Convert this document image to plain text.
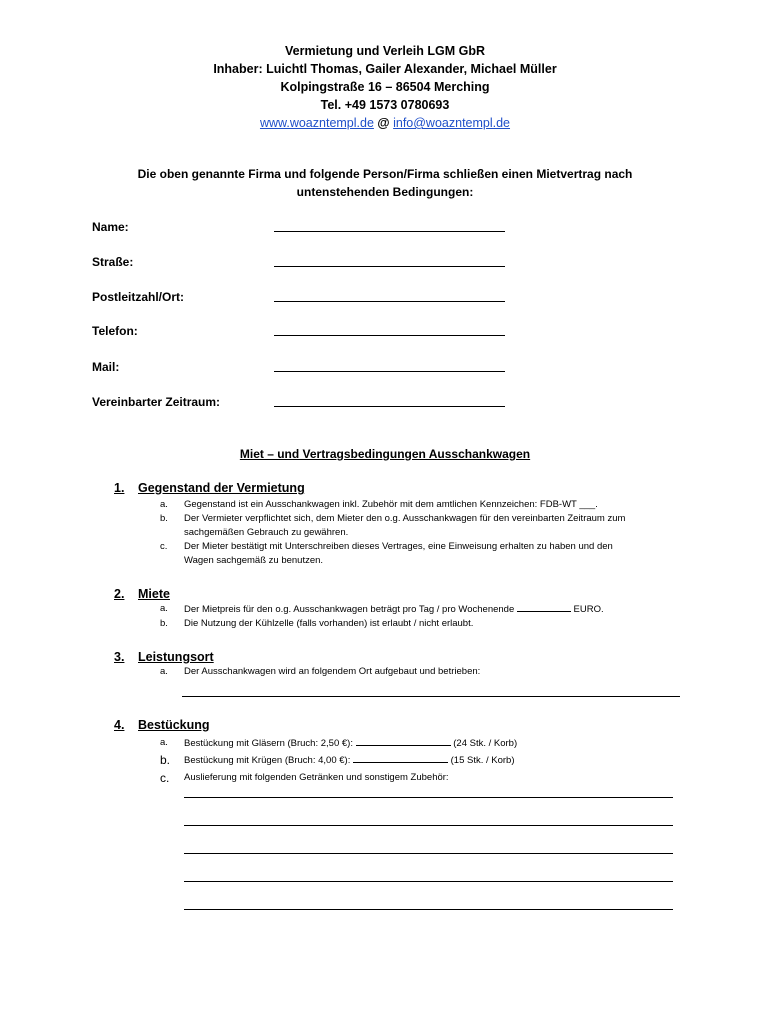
Vermietung und Verleih LGM GbR
Inhaber: Luichtl Thomas, Gailer Alexander, Michael Müller
Kolpingstraße 16 – 86504 Merching
Tel. +49 1573 0780693
www.woazntempl.de @ info@woazntempl.de
Die oben genannte Firma und folgende Person/Firma schließen einen Mietvertrag nach
untenstehenden Bedingungen:
Name:
Straße:
Postleitzahl/Ort:
Telefon:
Mail:
Vereinbarter Zeitraum:
Miet – und Vertragsbedingungen Ausschankwagen
1. Gegenstand der Vermietung
a.	Gegenstand ist ein Ausschankwagen inkl. Zubehör mit dem amtlichen Kennzeichen: FDB-WT ___.
b.	Der Vermieter verpflichtet sich, dem Mieter den o.g. Ausschankwagen für den vereinbarten Zeitraum zum
sachgemäßen Gebrauch zu gewähren.
c.	Der Mieter bestätigt mit Unterschreiben dieses Vertrages, eine Einweisung erhalten zu haben und den
Wagen sachgemäß zu benutzen.
2. Miete
a.	Der Mietpreis für den o.g. Ausschankwagen beträgt pro Tag / pro Wochenende	EURO.
b.	Die Nutzung der Kühlzelle (falls vorhanden) ist erlaubt / nicht erlaubt.
3. Leistungsort
a.	Der Ausschankwagen wird an folgendem Ort aufgebaut und betrieben:
4. Bestückung
a.	Bestückung mit Gläsern (Bruch: 2,50 €):	(24 Stk. / Korb)
b.	Bestückung mit Krügen (Bruch: 4,00 €):	(15 Stk. / Korb)
c.	Auslieferung mit folgenden Getränken und sonstigem Zubehör:
